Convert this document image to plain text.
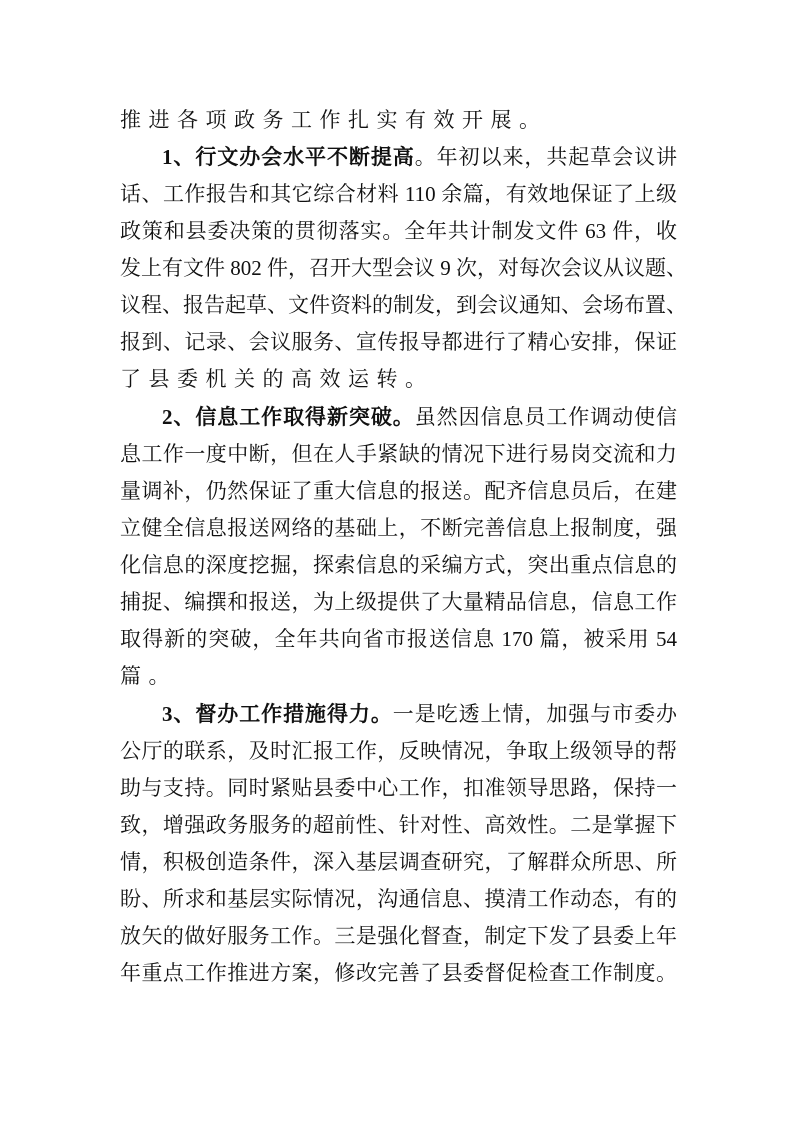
推进各项政务工作扎实有效开展。
1、行文办会水平不断提高。年初以来，共起草会议讲
话、工作报告和其它综合材料 110 余篇，有效地保证了上级
政策和县委决策的贯彻落实。全年共计制发文件 63 件，收
发上有文件 802 件，召开大型会议 9 次，对每次会议从议题、
议程、报告起草、文件资料的制发，到会议通知、会场布置、
报到、记录、会议服务、宣传报导都进行了精心安排，保证
了县委机关的高效运转。
2、信息工作取得新突破。虽然因信息员工作调动使信
息工作一度中断，但在人手紧缺的情况下进行易岗交流和力
量调补，仍然保证了重大信息的报送。配齐信息员后，在建
立健全信息报送网络的基础上，不断完善信息上报制度，强
化信息的深度挖掘，探索信息的采编方式，突出重点信息的
捕捉、编撰和报送，为上级提供了大量精品信息，信息工作
取得新的突破，全年共向省市报送信息 170 篇，被采用 54
篇。
3、督办工作措施得力。一是吃透上情，加强与市委办
公厅的联系，及时汇报工作，反映情况，争取上级领导的帮
助与支持。同时紧贴县委中心工作，扣准领导思路，保持一
致，增强政务服务的超前性、针对性、高效性。二是掌握下
情，积极创造条件，深入基层调查研究，了解群众所思、所
盼、所求和基层实际情况，沟通信息、摸清工作动态，有的
放矢的做好服务工作。三是强化督查，制定下发了县委上年
年重点工作推进方案，修改完善了县委督促检查工作制度。
